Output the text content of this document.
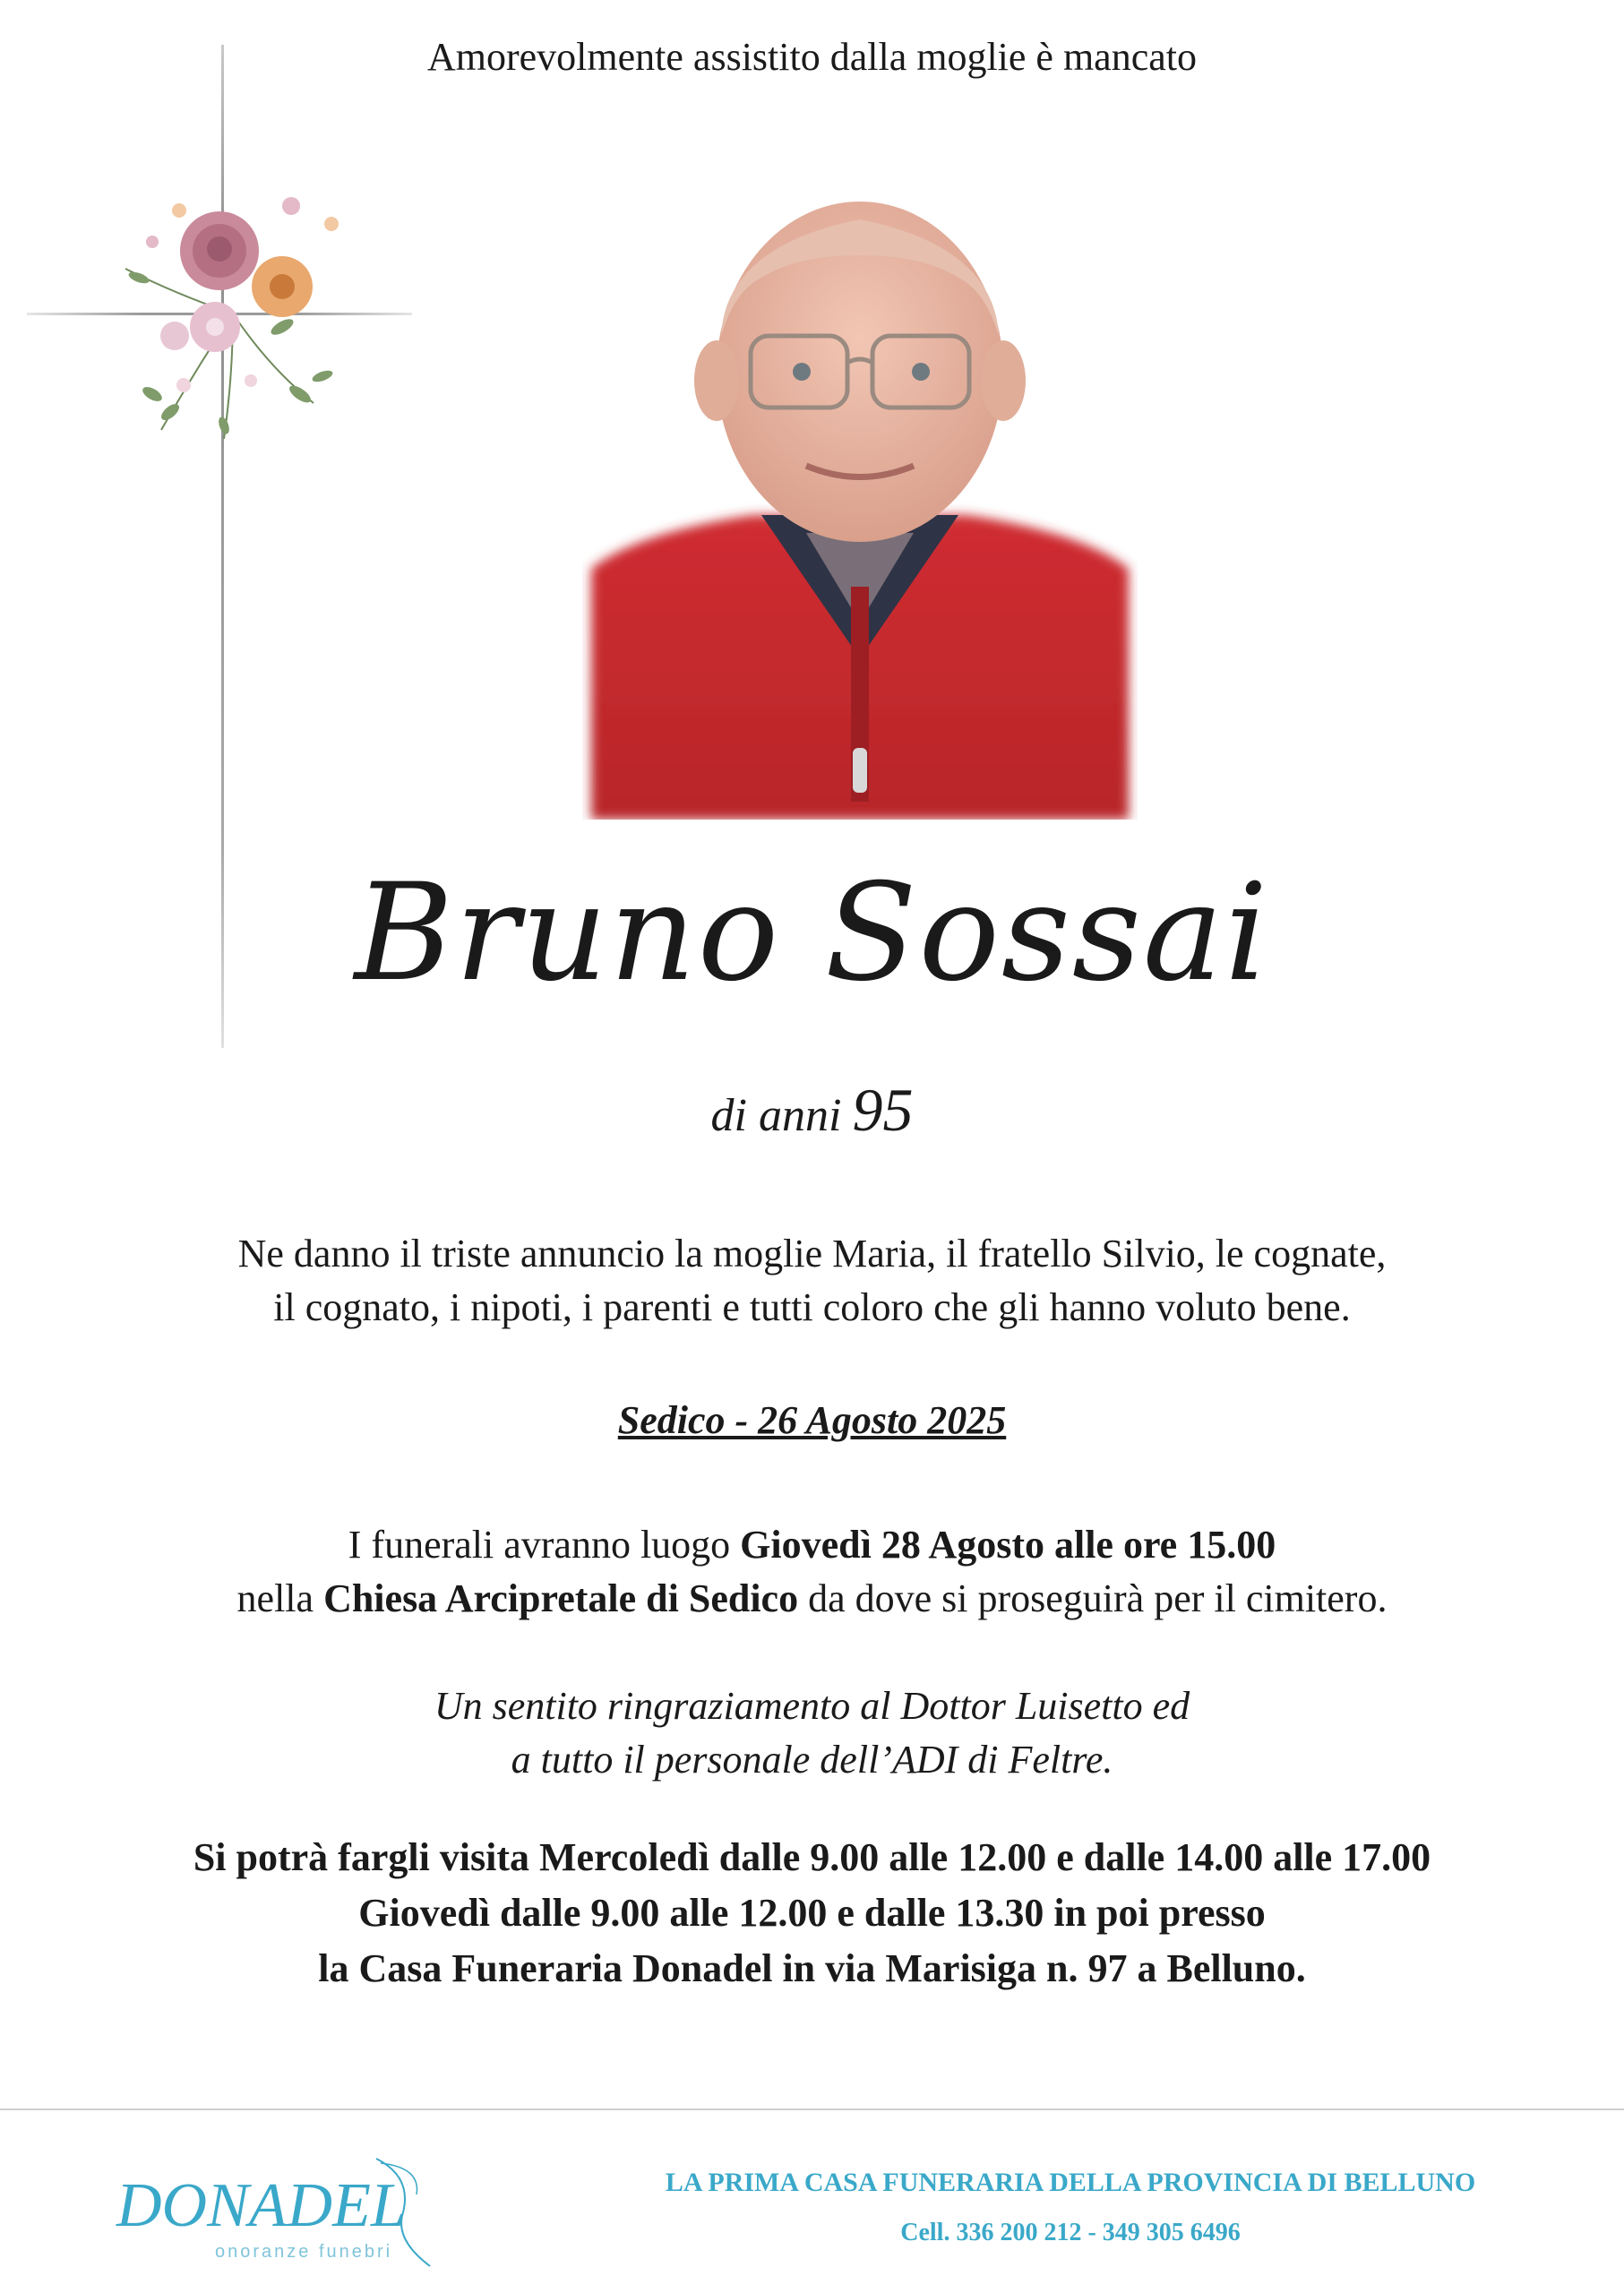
Amorevolmente assistito dalla moglie è mancato
Bruno Sossai
di anni 95
Ne danno il triste annuncio la moglie Maria, il fratello Silvio, le cognate,
il cognato, i nipoti, i parenti e tutti coloro che gli hanno voluto bene.
Sedico - 26 Agosto 2025
I funerali avranno luogo Giovedì 28 Agosto alle ore 15.00
nella Chiesa Arcipretale di Sedico da dove si proseguirà per il cimitero.
Un sentito ringraziamento al Dottor Luisetto ed
a tutto il personale dell’ADI di Feltre.
Si potrà fargli visita Mercoledì dalle 9.00 alle 12.00 e dalle 14.00 alle 17.00
Giovedì dalle 9.00 alle 12.00 e dalle 13.30 in poi presso
la Casa Funeraria Donadel in via Marisiga n. 97 a Belluno.
DONADEL
onoranze funebri
LA PRIMA CASA FUNERARIA DELLA PROVINCIA DI BELLUNO
Cell. 336 200 212 - 349 305 6496
